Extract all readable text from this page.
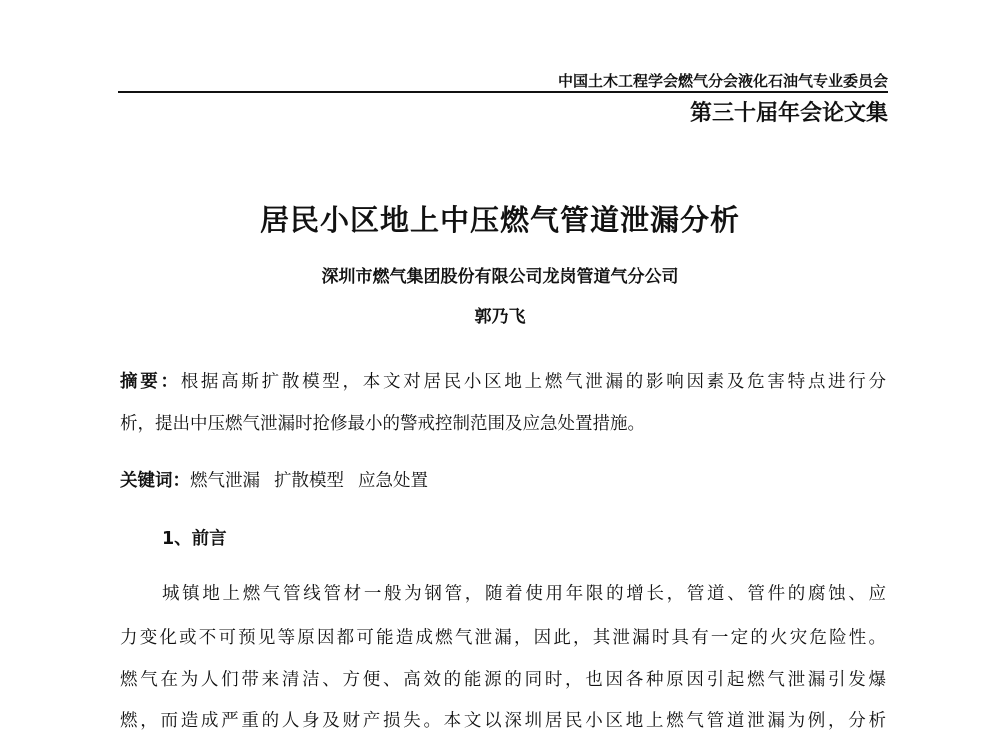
中国土木工程学会燃气分会液化石油气专业委员会
第三十届年会论文集
居民小区地上中压燃气管道泄漏分析
深圳市燃气集团股份有限公司龙岗管道气分公司
郭乃飞
摘要：根据高斯扩散模型，本文对居民小区地上燃气泄漏的影响因素及危害特点进行分
析，提出中压燃气泄漏时抢修最小的警戒控制范围及应急处置措施。
关键词：燃气泄漏 扩散模型 应急处置
1、前言
城镇地上燃气管线管材一般为钢管，随着使用年限的增长，管道、管件的腐蚀、应
力变化或不可预见等原因都可能造成燃气泄漏，因此，其泄漏时具有一定的火灾危险性。
燃气在为人们带来清洁、方便、高效的能源的同时，也因各种原因引起燃气泄漏引发爆
燃，而造成严重的人身及财产损失。本文以深圳居民小区地上燃气管道泄漏为例，分析
